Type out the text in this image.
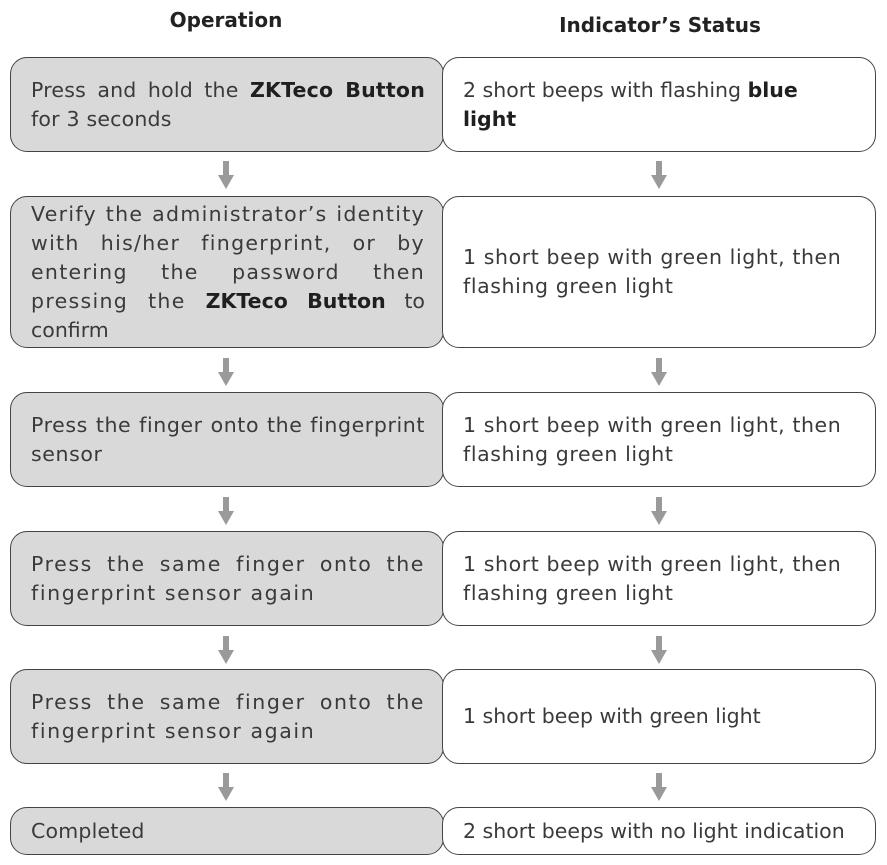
Operation	Indicator’s Status
Press and hold the ZKTeco Button for 3 seconds
2 short beeps with flashing blue light
Verify the administrator’s identity with his/her fingerprint, or by entering the password then pressing the ZKTeco Button to confirm
1 short beep with green light, then flashing green light
Press the finger onto the fingerprint sensor
1 short beep with green light, then flashing green light
Press the same finger onto the fingerprint sensor again
1 short beep with green light, then flashing green light
Press the same finger onto the fingerprint sensor again
1 short beep with green light
Completed	2 short beeps with no light indication
